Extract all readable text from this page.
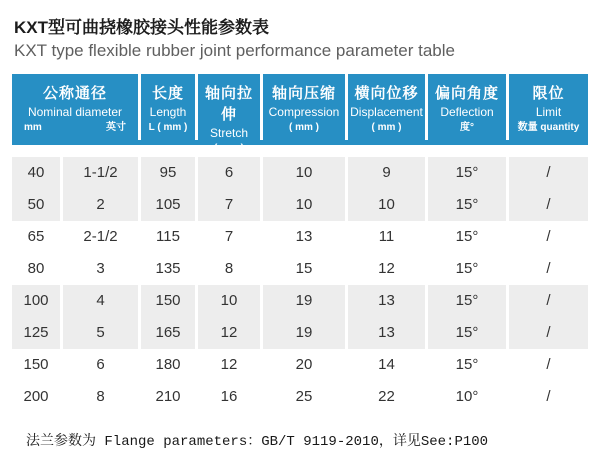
KXT型可曲挠橡胶接头性能参数表
KXT type flexible rubber joint performance parameter table
公称通径
Nominal diameter
mm	英寸
长度
Length
L ( mm )
轴向拉伸
Stretch
( mm )
轴向压缩
Compression
( mm )
横向位移
Displacement
( mm )
偏向角度
Deflection
度°
限位
Limit
数量 quantity
40	1-1/2	95	6	10	9	15°	/
50	2	105	7	10	10	15°	/
65	2-1/2	115	7	13	11	15°	/
80	3	135	8	15	12	15°	/
100	4	150	10	19	13	15°	/
125	5	165	12	19	13	15°	/
150	6	180	12	20	14	15°	/
200	8	210	16	25	22	10°	/
法兰参数为 Flange parameters：GB/T 9119-2010，详见See:P100
